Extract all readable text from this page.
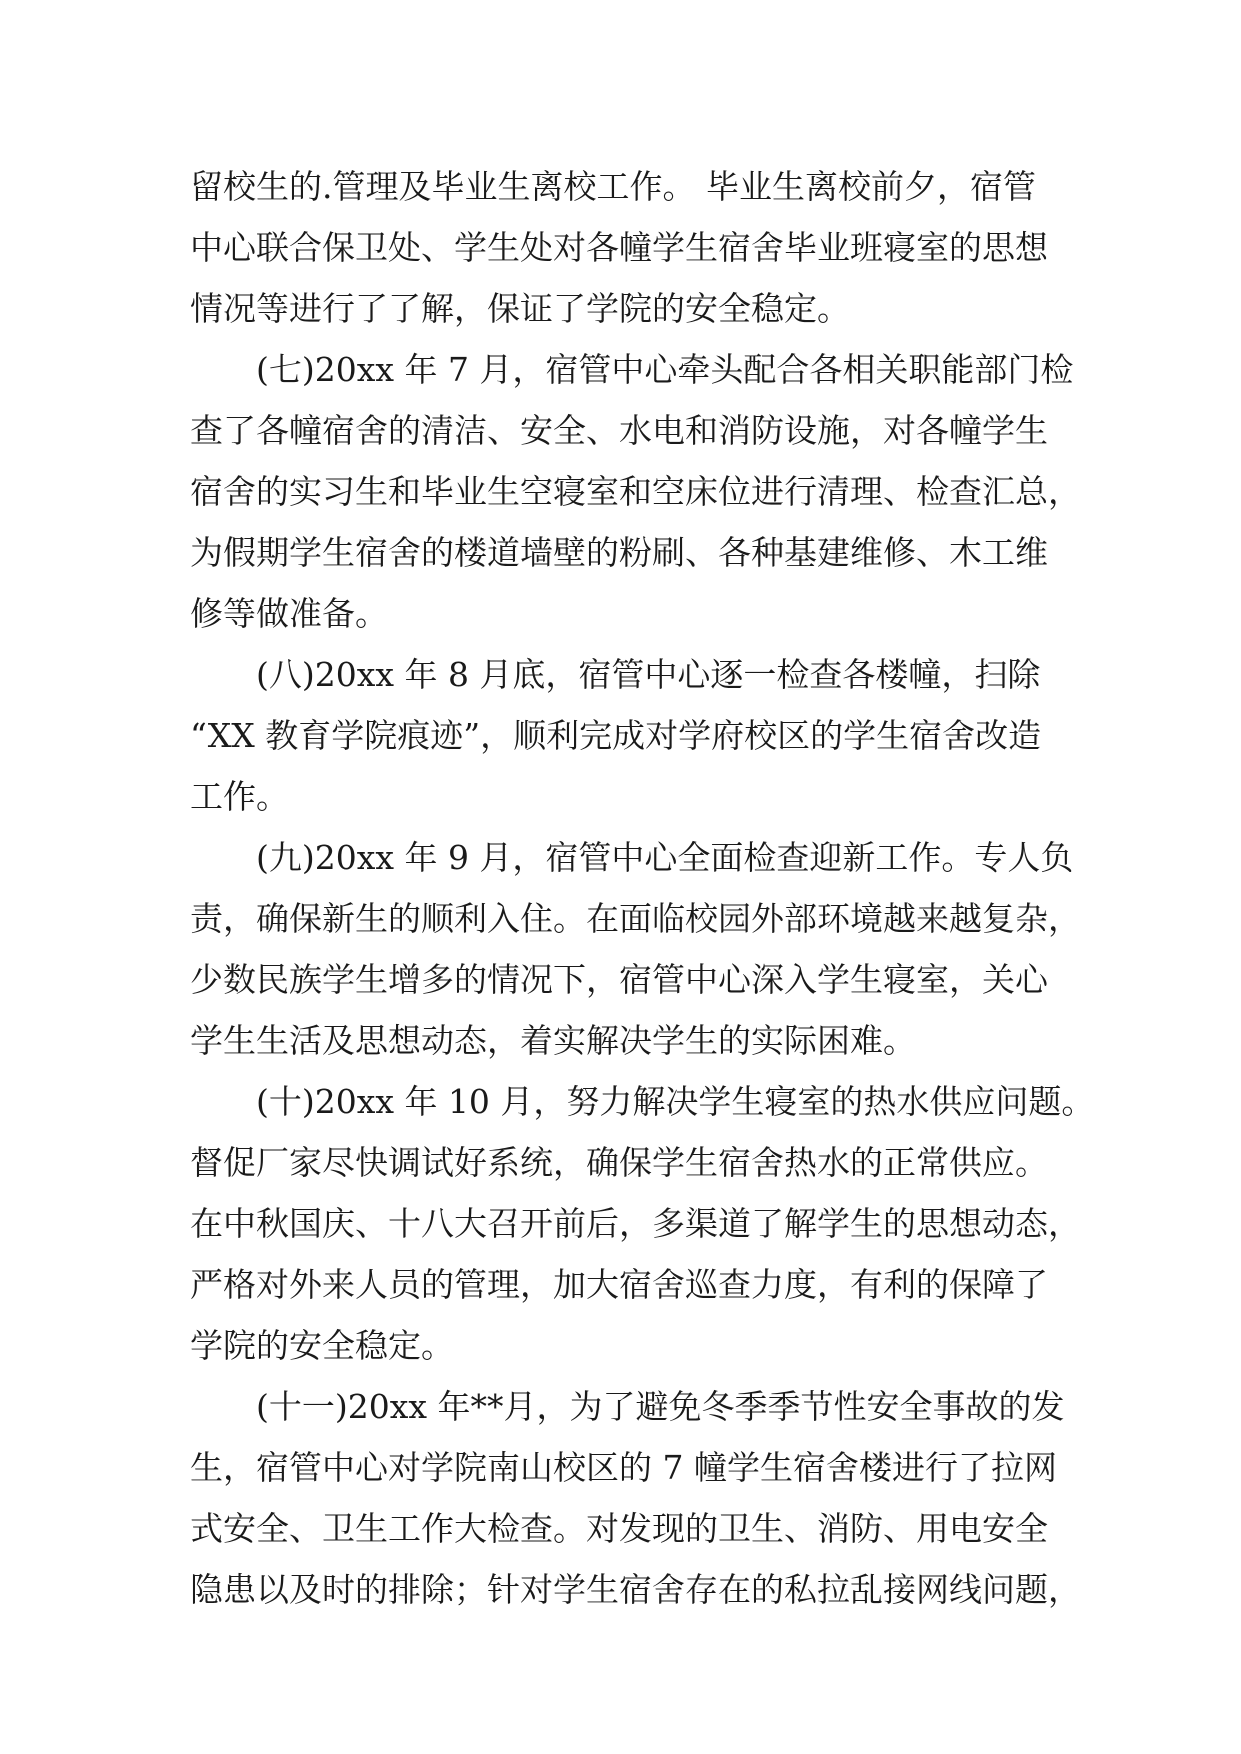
留校生的.管理及毕业生离校工作。 毕业生离校前夕，宿管
中心联合保卫处、学生处对各幢学生宿舍毕业班寝室的思想
情况等进行了了解，保证了学院的安全稳定。
(七)20xx 年 7 月，宿管中心牵头配合各相关职能部门检
查了各幢宿舍的清洁、安全、水电和消防设施，对各幢学生
宿舍的实习生和毕业生空寝室和空床位进行清理、检查汇总，
为假期学生宿舍的楼道墙壁的粉刷、各种基建维修、木工维
修等做准备。
(八)20xx 年 8 月底，宿管中心逐一检查各楼幢，扫除
“XX 教育学院痕迹”，顺利完成对学府校区的学生宿舍改造
工作。
(九)20xx 年 9 月，宿管中心全面检查迎新工作。专人负
责，确保新生的顺利入住。在面临校园外部环境越来越复杂，
少数民族学生增多的情况下，宿管中心深入学生寝室，关心
学生生活及思想动态，着实解决学生的实际困难。
(十)20xx 年 10 月，努力解决学生寝室的热水供应问题。
督促厂家尽快调试好系统，确保学生宿舍热水的正常供应。
在中秋国庆、十八大召开前后，多渠道了解学生的思想动态，
严格对外来人员的管理，加大宿舍巡查力度，有利的保障了
学院的安全稳定。
(十一)20xx 年**月，为了避免冬季季节性安全事故的发
生，宿管中心对学院南山校区的 7 幢学生宿舍楼进行了拉网
式安全、卫生工作大检查。对发现的卫生、消防、用电安全
隐患以及时的排除；针对学生宿舍存在的私拉乱接网线问题，
